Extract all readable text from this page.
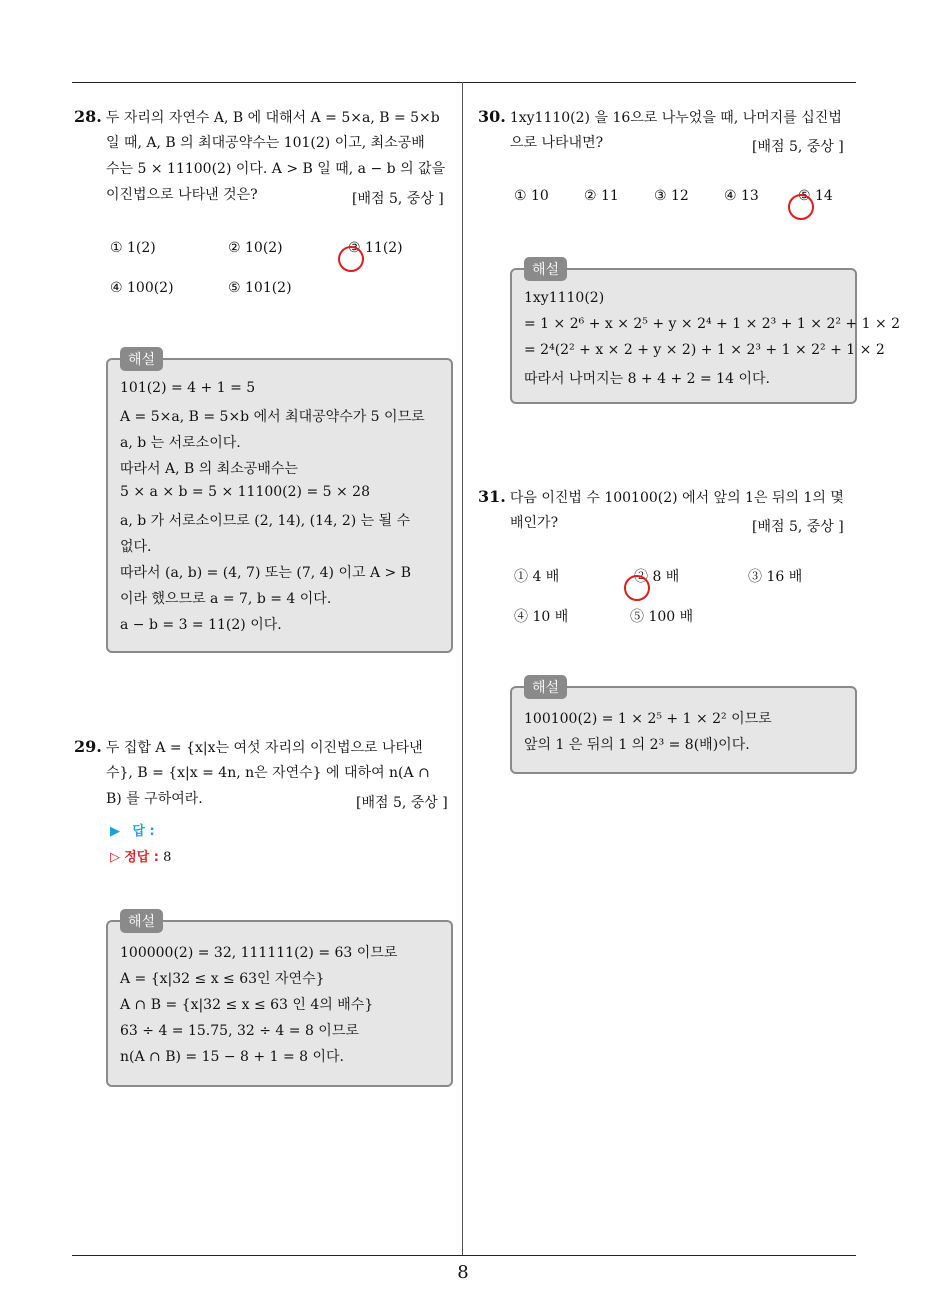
28. 두 자리의 자연수 A, B 에 대해서 A = 5×a, B = 5×b
일 때, A, B 의 최대공약수는 101(2) 이고, 최소공배
수는 5 × 11100(2) 이다. A > B 일 때, a − b 의 값을
이진법으로 나타낸 것은?	[배점 5, 중상 ]
① 1(2)	② 10(2)	③ 11(2)
④ 100(2)	⑤ 101(2)
해설
101(2) = 4 + 1 = 5
A = 5×a, B = 5×b 에서 최대공약수가 5 이므로
a, b 는 서로소이다.
따라서 A, B 의 최소공배수는
5 × a × b = 5 × 11100(2) = 5 × 28
a, b 가 서로소이므로 (2, 14), (14, 2) 는 될 수
없다.
따라서 (a, b) = (4, 7) 또는 (7, 4) 이고 A > B
이라 했으므로 a = 7, b = 4 이다.
a − b = 3 = 11(2) 이다.
29. 두 집합 A = {x|x는 여섯 자리의 이진법으로 나타낸
수}, B = {x|x = 4n, n은 자연수} 에 대하여 n(A ∩
B) 를 구하여라.	[배점 5, 중상 ]
▶ 답 :
▷ 정답 : 8
해설
100000(2) = 32, 111111(2) = 63 이므로
A = {x|32 ≤ x ≤ 63인 자연수}
A ∩ B = {x|32 ≤ x ≤ 63 인 4의 배수}
63 ÷ 4 = 15.75, 32 ÷ 4 = 8 이므로
n(A ∩ B) = 15 − 8 + 1 = 8 이다.
30. 1xy1110(2) 을 16으로 나누었을 때, 나머지를 십진법
으로 나타내면?	[배점 5, 중상 ]
① 10	② 11	③ 12	④ 13	⑤ 14
해설
1xy1110(2)
= 1 × 2⁶ + x × 2⁵ + y × 2⁴ + 1 × 2³ + 1 × 2² + 1 × 2
= 2⁴(2² + x × 2 + y × 2) + 1 × 2³ + 1 × 2² + 1 × 2
따라서 나머지는 8 + 4 + 2 = 14 이다.
31. 다음 이진법 수 100100(2) 에서 앞의 1은 뒤의 1의 몇
배인가?	[배점 5, 중상 ]
① 4 배	② 8 배	③ 16 배
④ 10 배	⑤ 100 배
해설
100100(2) = 1 × 2⁵ + 1 × 2² 이므로
앞의 1 은 뒤의 1 의 2³ = 8(배)이다.
8
